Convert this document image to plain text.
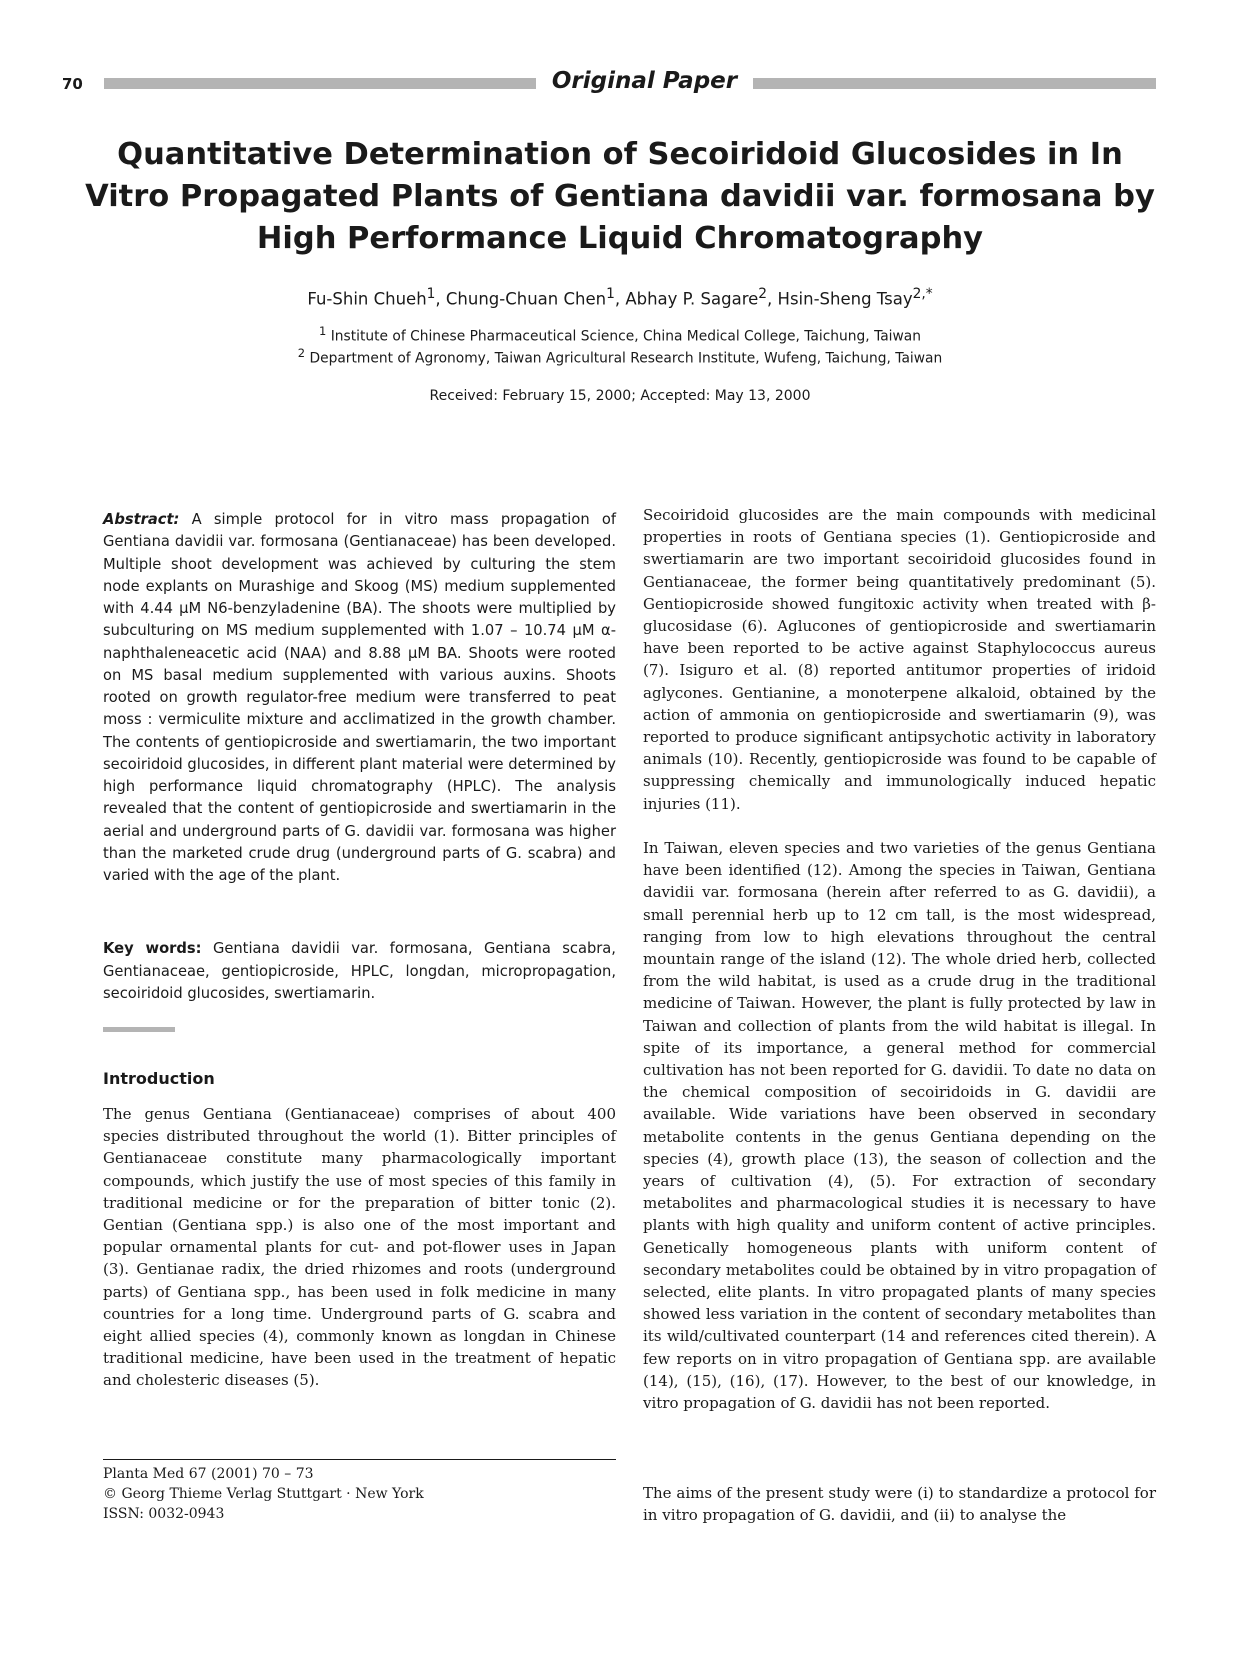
70	Original Paper
Quantitative Determination of Secoiridoid Glucosides in In Vitro Propagated Plants of Gentiana davidii var. formosana by High Performance Liquid Chromatography
Fu-Shin Chueh$^1$, Chung-Chuan Chen$^1$, Abhay P. Sagare$^2$, Hsin-Sheng Tsay$^{2,*}$
$^1$ Institute of Chinese Pharmaceutical Science, China Medical College, Taichung, Taiwan
$^2$ Department of Agronomy, Taiwan Agricultural Research Institute, Wufeng, Taichung, Taiwan
Received: February 15, 2000; Accepted: May 13, 2000

Abstract: A simple protocol for in vitro mass propagation of Gentiana davidii var. formosana (Gentianaceae) has been developed. Multiple shoot development was achieved by culturing the stem node explants on Murashige and Skoog (MS) medium supplemented with 4.44 μM N6-benzyladenine (BA). The shoots were multiplied by subculturing on MS medium supplemented with 1.07 – 10.74 μM α-naphthaleneacetic acid (NAA) and 8.88 μM BA. Shoots were rooted on MS basal medium supplemented with various auxins. Shoots rooted on growth regulator-free medium were transferred to peat moss : vermiculite mixture and acclimatized in the growth chamber. The contents of gentiopicroside and swertiamarin, the two important secoiridoid glucosides, in different plant material were determined by high performance liquid chromatography (HPLC). The analysis revealed that the content of gentiopicroside and swertiamarin in the aerial and underground parts of G. davidii var. formosana was higher than the marketed crude drug (underground parts of G. scabra) and varied with the age of the plant.

Key words: Gentiana davidii var. formosana, Gentiana scabra, Gentianaceae, gentiopicroside, HPLC, longdan, micropropagation, secoiridoid glucosides, swertiamarin.

Introduction

The genus Gentiana (Gentianaceae) comprises of about 400 species distributed throughout the world (1). Bitter principles of Gentianaceae constitute many pharmacologically important compounds, which justify the use of most species of this family in traditional medicine or for the preparation of bitter tonic (2). Gentian (Gentiana spp.) is also one of the most important and popular ornamental plants for cut- and pot-flower uses in Japan (3). Gentianae radix, the dried rhizomes and roots (underground parts) of Gentiana spp., has been used in folk medicine in many countries for a long time. Underground parts of G. scabra and eight allied species (4), commonly known as longdan in Chinese traditional medicine, have been used in the treatment of hepatic and cholesteric diseases (5).

Planta Med 67 (2001) 70 – 73
© Georg Thieme Verlag Stuttgart · New York
ISSN: 0032-0943

Secoiridoid glucosides are the main compounds with medicinal properties in roots of Gentiana species (1). Gentiopicroside and swertiamarin are two important secoiridoid glucosides found in Gentianaceae, the former being quantitatively predominant (5). Gentiopicroside showed fungitoxic activity when treated with β-glucosidase (6). Aglucones of gentiopicroside and swertiamarin have been reported to be active against Staphylococcus aureus (7). Isiguro et al. (8) reported antitumor properties of iridoid aglycones. Gentianine, a monoterpene alkaloid, obtained by the action of ammonia on gentiopicroside and swertiamarin (9), was reported to produce significant antipsychotic activity in laboratory animals (10). Recently, gentiopicroside was found to be capable of suppressing chemically and immunologically induced hepatic injuries (11).

In Taiwan, eleven species and two varieties of the genus Gentiana have been identified (12). Among the species in Taiwan, Gentiana davidii var. formosana (herein after referred to as G. davidii), a small perennial herb up to 12 cm tall, is the most widespread, ranging from low to high elevations throughout the central mountain range of the island (12). The whole dried herb, collected from the wild habitat, is used as a crude drug in the traditional medicine of Taiwan. However, the plant is fully protected by law in Taiwan and collection of plants from the wild habitat is illegal. In spite of its importance, a general method for commercial cultivation has not been reported for G. davidii. To date no data on the chemical composition of secoiridoids in G. davidii are available. Wide variations have been observed in secondary metabolite contents in the genus Gentiana depending on the species (4), growth place (13), the season of collection and the years of cultivation (4), (5). For extraction of secondary metabolites and pharmacological studies it is necessary to have plants with high quality and uniform content of active principles. Genetically homogeneous plants with uniform content of secondary metabolites could be obtained by in vitro propagation of selected, elite plants. In vitro propagated plants of many species showed less variation in the content of secondary metabolites than its wild/cultivated counterpart (14 and references cited therein). A few reports on in vitro propagation of Gentiana spp. are available (14), (15), (16), (17). However, to the best of our knowledge, in vitro propagation of G. davidii has not been reported.

The aims of the present study were (i) to standardize a protocol for in vitro propagation of G. davidii, and (ii) to analyse the
